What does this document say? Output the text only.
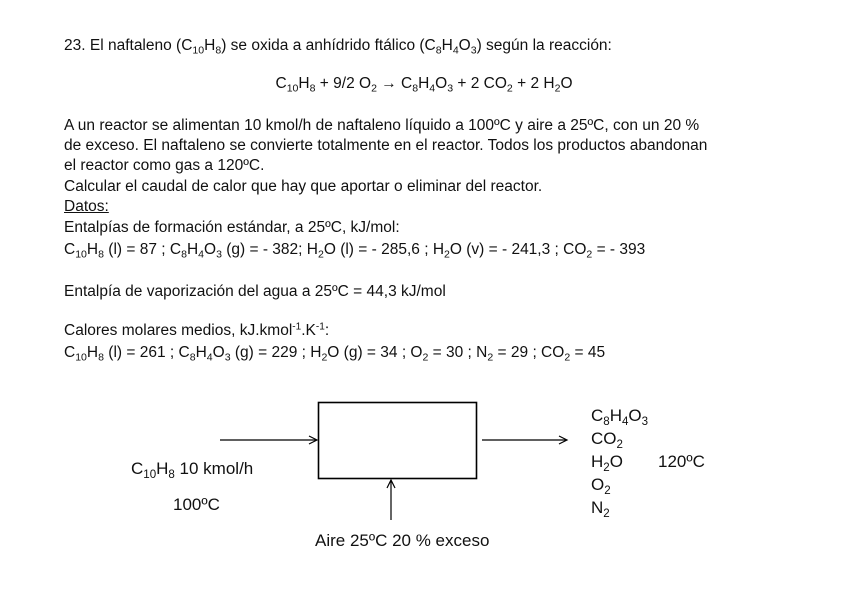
23. El naftaleno $(C_{10}H_8)$ se oxida a anhídrido ftálico $(C_8H_4O_3)$ según la reacción:
$C_{10}H_8 + 9/2$ $O_2 \to C_8H_4O_3 + 2$ $CO_2 + 2$ $H_2O$
A un reactor se alimentan 10 kmol/h de naftaleno líquido a 100ºC y aire a 25ºC, con un 20 %
de exceso. El naftaleno se convierte totalmente en el reactor. Todos los productos abandonan
el reactor como gas a 120ºC.
Calcular el caudal de calor que hay que aportar o eliminar del reactor.
Datos:
Entalpías de formación estándar, a 25ºC, kJ/mol:
$C_{10}H_8$ (l) = 87 ; $C_8H_4O_3$ (g) = - 382; $H_2O$ (l) = - 285,6 ; $H_2O$ (v) = - 241,3 ; $CO_2$ = - 393
Entalpía de vaporización del agua a 25ºC = 44,3 kJ/mol
Calores molares medios, $kJ.kmol^{-1}.K^{-1}$:
$C_{10}H_8$ (l) = 261 ; $C_8H_4O_3$ (g) = 229 ; $H_2O$ (g) = 34 ; $O_2 = 30$ ; $N_2 = 29$ ; $CO_2 = 45$
$C_{10}H_8$ 10 kmol/h
100ºC
Aire 25ºC 20 % exceso
$C_8H_4O_3$
$CO_2$
$H_2O$
$O_2$
$N_2$
120ºC
